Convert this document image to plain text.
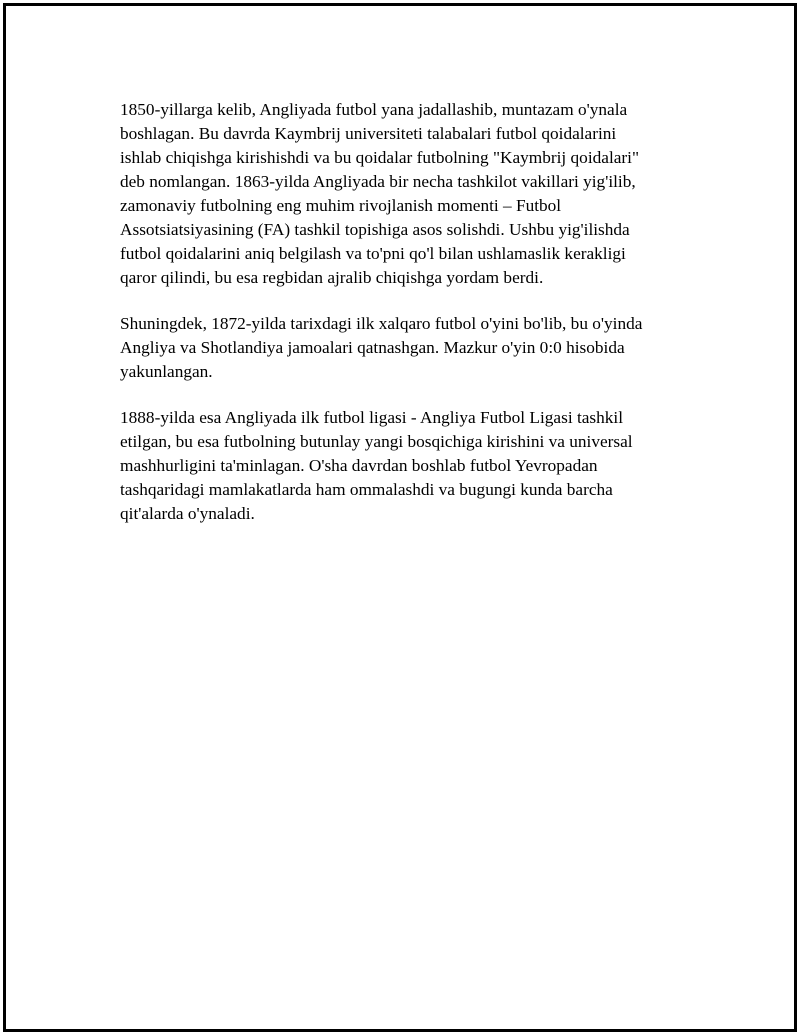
1850-yillarga kelib, Angliyada futbol yana jadallashib, muntazam o'ynala
boshlagan. Bu davrda Kaymbrij universiteti talabalari futbol qoidalarini
ishlab chiqishga kirishishdi va bu qoidalar futbolning "Kaymbrij qoidalari"
deb nomlangan. 1863-yilda Angliyada bir necha tashkilot vakillari yig'ilib,
zamonaviy futbolning eng muhim rivojlanish momenti – Futbol
Assotsiatsiyasining (FA) tashkil topishiga asos solishdi. Ushbu yig'ilishda
futbol qoidalarini aniq belgilash va to'pni qo'l bilan ushlamaslik kerakligi
qaror qilindi, bu esa regbidan ajralib chiqishga yordam berdi.

Shuningdek, 1872-yilda tarixdagi ilk xalqaro futbol o'yini bo'lib, bu o'yinda
Angliya va Shotlandiya jamoalari qatnashgan. Mazkur o'yin 0:0 hisobida
yakunlangan.

1888-yilda esa Angliyada ilk futbol ligasi - Angliya Futbol Ligasi tashkil
etilgan, bu esa futbolning butunlay yangi bosqichiga kirishini va universal
mashhurligini ta'minlagan. O'sha davrdan boshlab futbol Yevropadan
tashqaridagi mamlakatlarda ham ommalashdi va bugungi kunda barcha
qit'alarda o'ynaladi.
